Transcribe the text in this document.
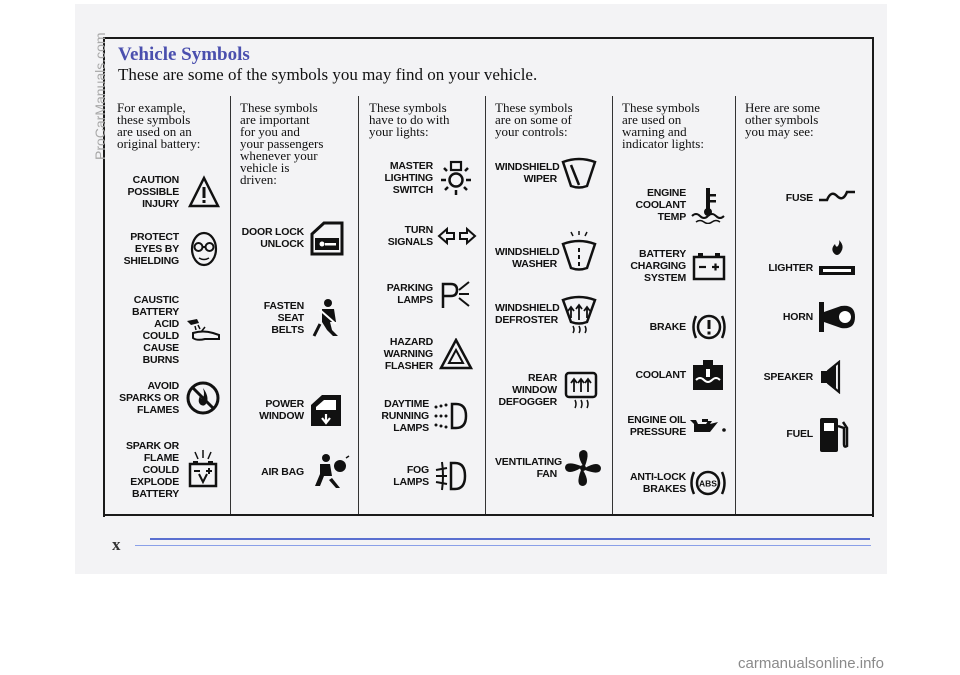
Vehicle Symbols
These are some of the symbols you may find on your vehicle.
For example,
these symbols
are used on an
original battery:
CAUTION
POSSIBLE
INJURY
PROTECT
EYES BY
SHIELDING
CAUSTIC
BATTERY
ACID COULD
CAUSE
BURNS
AVOID
SPARKS OR
FLAMES
SPARK OR
FLAME
COULD
EXPLODE
BATTERY
These symbols
are important
for you and
your passengers
whenever your
vehicle is
driven:
DOOR LOCK
UNLOCK
FASTEN
SEAT
BELTS
POWER
WINDOW
AIR BAG
These symbols
have to do with
your lights:
MASTER
LIGHTING
SWITCH
TURN
SIGNALS
PARKING
LAMPS
HAZARD
WARNING
FLASHER
DAYTIME
RUNNING
LAMPS
FOG LAMPS
These symbols
are on some of
your controls:
WINDSHIELD
WIPER
WINDSHIELD
WASHER
WINDSHIELD
DEFROSTER
REAR
WINDOW
DEFOGGER
VENTILATING
FAN
These symbols
are used on
warning and
indicator lights:
ENGINE
COOLANT
TEMP
BATTERY
CHARGING
SYSTEM
BRAKE
COOLANT
ENGINE OIL
PRESSURE
ANTI-LOCK
BRAKES ABS
Here are some
other symbols
you may see:
FUSE
LIGHTER
HORN
SPEAKER
FUEL
x
ProCarManuals.com
carmanualsonline.info
